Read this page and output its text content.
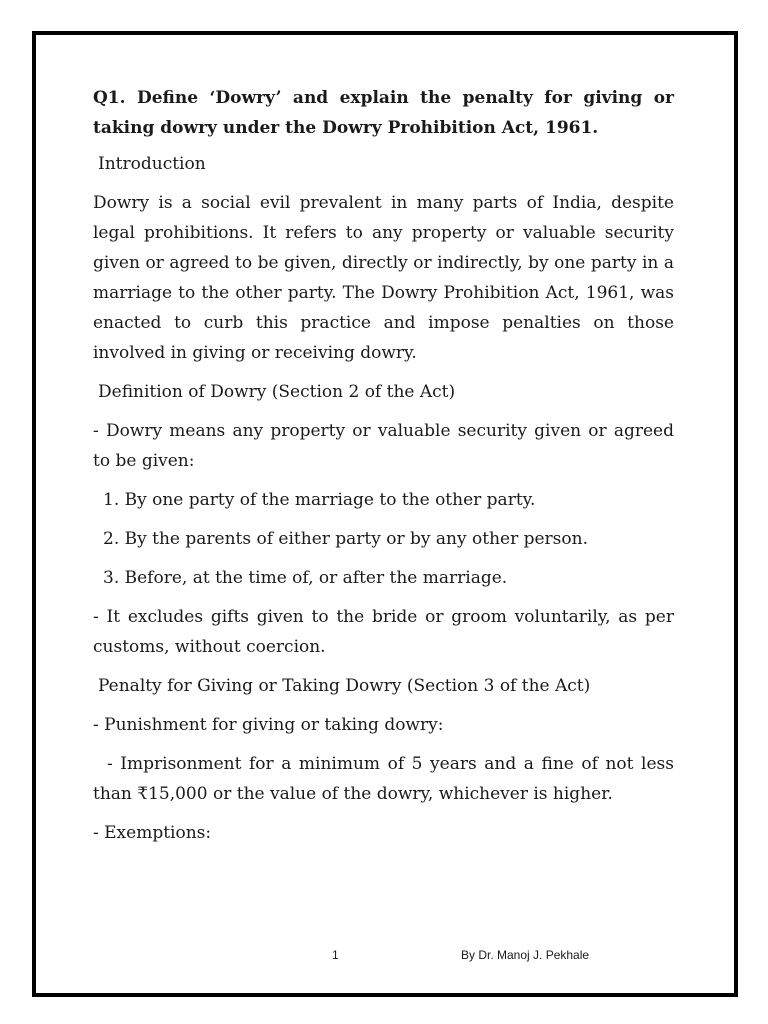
Q1. Define ‘Dowry’ and explain the penalty for giving or taking dowry under the Dowry Prohibition Act, 1961.

Introduction

Dowry is a social evil prevalent in many parts of India, despite legal prohibitions. It refers to any property or valuable security given or agreed to be given, directly or indirectly, by one party in a marriage to the other party. The Dowry Prohibition Act, 1961, was enacted to curb this practice and impose penalties on those involved in giving or receiving dowry.

Definition of Dowry (Section 2 of the Act)

- Dowry means any property or valuable security given or agreed to be given:

1. By one party of the marriage to the other party.
2. By the parents of either party or by any other person.
3. Before, at the time of, or after the marriage.

- It excludes gifts given to the bride or groom voluntarily, as per customs, without coercion.

Penalty for Giving or Taking Dowry (Section 3 of the Act)

- Punishment for giving or taking dowry:

- Imprisonment for a minimum of 5 years and a fine of not less than ₹15,000 or the value of the dowry, whichever is higher.

- Exemptions:

1	By Dr. Manoj J. Pekhale
